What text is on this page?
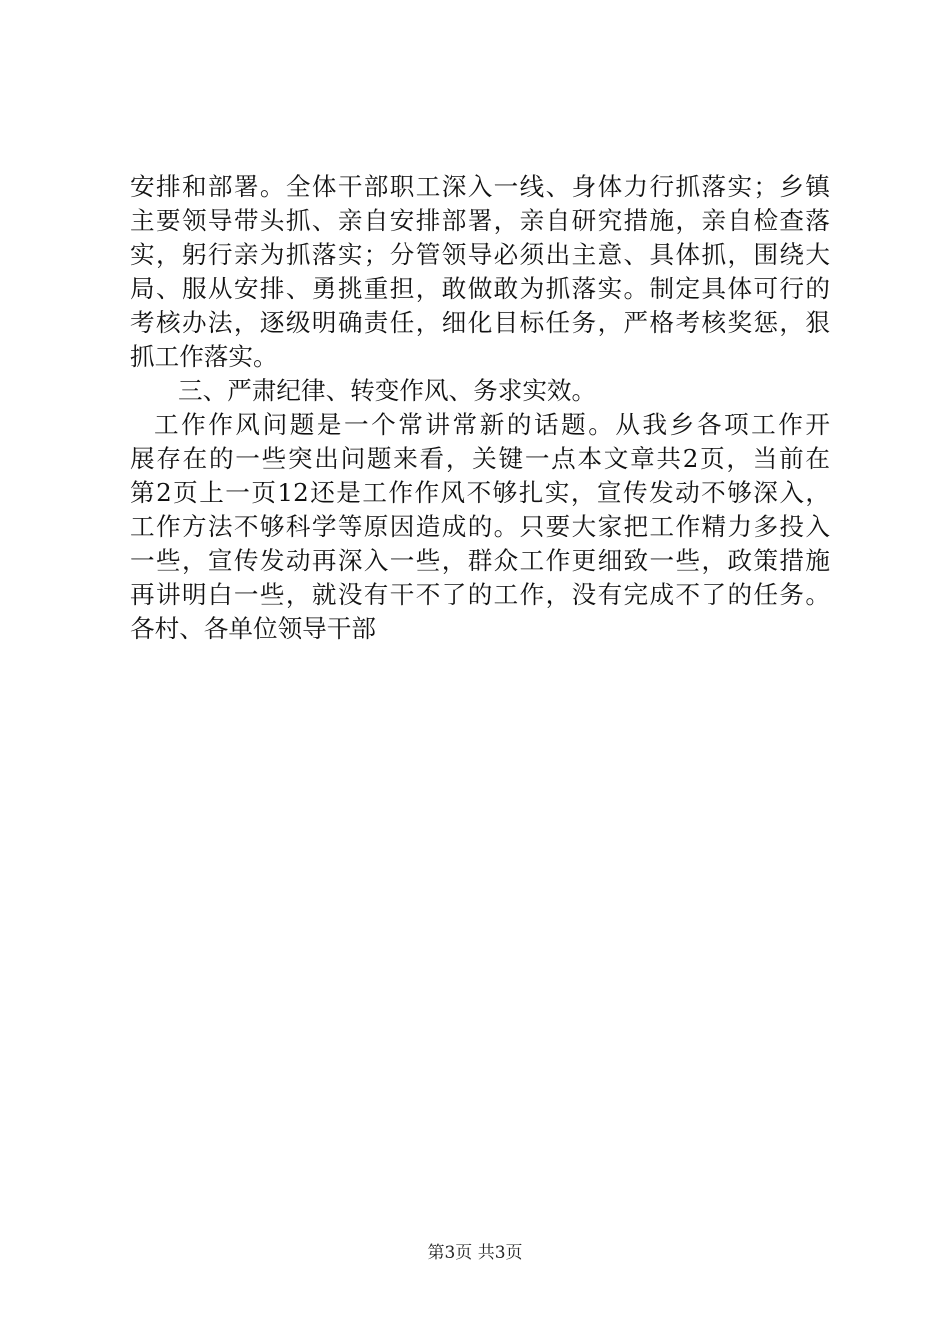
安排和部署。全体干部职工深入一线、身体力行抓落实；乡镇
主要领导带头抓、亲自安排部署，亲自研究措施，亲自检查落
实，躬行亲为抓落实；分管领导必须出主意、具体抓，围绕大
局、服从安排、勇挑重担，敢做敢为抓落实。制定具体可行的
考核办法，逐级明确责任，细化目标任务，严格考核奖惩，狠
抓工作落实。
三、严肃纪律、转变作风、务求实效。
工作作风问题是一个常讲常新的话题。从我乡各项工作开
展存在的一些突出问题来看，关键一点本文章共2页，当前在
第2页上一页12还是工作作风不够扎实，宣传发动不够深入，
工作方法不够科学等原因造成的。只要大家把工作精力多投入
一些，宣传发动再深入一些，群众工作更细致一些，政策措施
再讲明白一些，就没有干不了的工作，没有完成不了的任务。
各村、各单位领导干部
第3页 共3页
